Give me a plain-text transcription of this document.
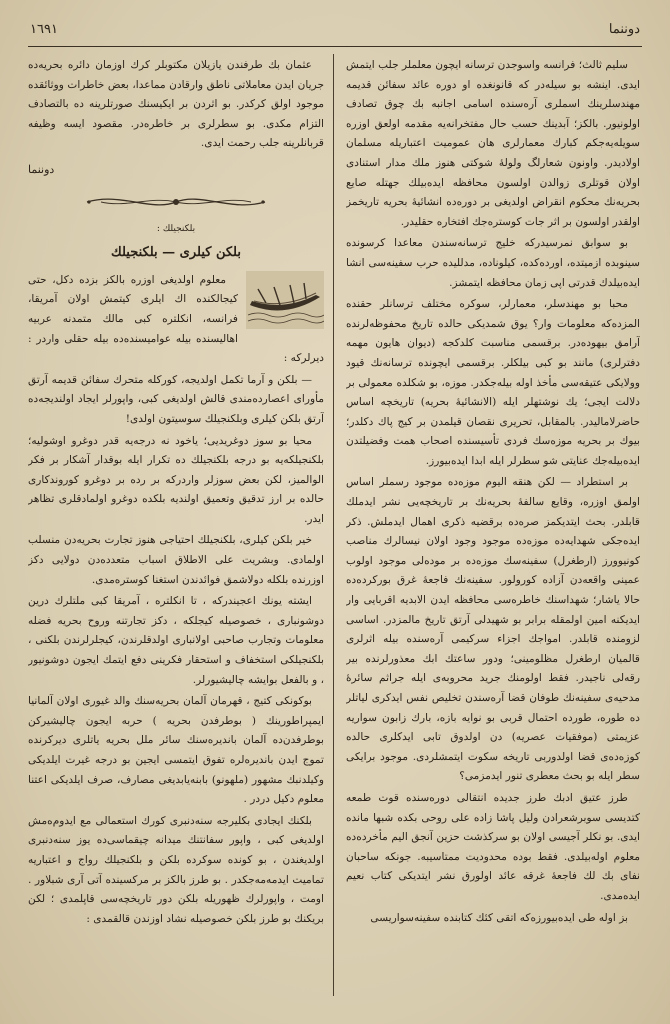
١٦٩١	دوننما

سلیم ثالث؛ فرانسه واسوجدن ترسانه ایچون معلملر جلب ایتمش ایدی. اینشه بو سیله‌در که قانونغده او دوره عائد سفائن قدیمه مهندسلرینك اسملری آره‌سنده اسامی اجانبه بك چوق تصادف اولونیور. بالکز؛ آبدینك حسب حال مفتخرانه‌یه مقدمه اولعق اوزره سویله‌یه‌جکم کبارك معمارلری هان عموميت اعتباریله مسلمان اولادیدر. واونون شعارلگ ولولهٔ شوکتی هنوز ملك مدار استنادی اولان قوتلری زوالدن اولسون محافظه ایده‌بیلك جهتله صایع بحریه‌نك محکوم انقراض اولدیغی بر دوره‌ده انشائیهٔ بحریه تاریخمز اولقدر اولسون بر اثر جات کوستره‌جك افتخاره حقلیدر.

بو سوابق نمرسیدرکه خلیج ترسانه‌سندن معاعدا کرسونده سینوبده ازمیتده، اورده‌کده، کیلوناده، مدللیده حرب سفینه‌سی انشا ایده‌بیلدك قدرتی اپی زمان محافظه ایتمشز.

محبا بو مهندسلر، معمارلر، سوکره مختلف ترسانلر حقنده المزده‌که معلومات وار؟ یوق شمدیکی حالده تاریخ محفوظه‌لرنده آرامق بیهوده‌در. برقسمی مناسبت کلدکجه (دیوان هایون مهمه دفترلری) مانند بو کبی بیلکلر. برقسمی ایچونده ترسانه‌نك قیود وولایکی عتیقه‌سی مأخذ اوله بیله‌جکدر. موزه، بو شکلده معمولی بر دلالت ایجی؛ یك نوشتهلر ایله (الانشائیهٔ بحریه) تاریخچه اساس حاضرلامالیدر. بالمقابل، تحریری نقصان قیلمدن بر کیج پاك دکلدر؛ بیوك بر بحریه موزه‌سك فردی تأسیسنده اصحاب همت وفضیلتدن ایده‌بیله‌جك عنایتی شو سطرلر ایله ابدا ایده‌بیورز.

بر استطراد — لکن هنقه الیوم موزه‌ده موجود رسملر اساس اولمق اوزره، وقایع سالفهٔ بحریه‌نك بر تاریخچه‌یی نشر ایدملك قابلدر. بحث ایتدیکمز صره‌ده برقضیه ذکری اهمال ایدملش. ذکر ایده‌جکی شهدایه‌ده موزه‌ده موجود وجود اولان نیسالرك مناصب کونیوورز (ارطغرل) سفینه‌سك موزه‌ده بر موده‌لی موجود اولوب عمینی واقعه‌دن آزاده کورولور. سفینه‌نك فاجعهٔ غرق بورکرده‌ده حالا یاشار؛ شهداسنك خاطره‌سی محافظه ایدن الابدیه اقربایی وار ایدیکنه امین اولمقله برابر بو شهیدلی آرتق تاریخ مالمزدر. اساسی لزومنده قابلدر. امواجك اجزاء سرکیمی آره‌سنده بیله اثرلری قالمیان ارطغرل مظلومینی؛ ودور ساعتك ابك معذورلرنده بیر رقه‌لی ناجیدر. فقط اولومنك جرید محروبه‌ی ایله جراثم سائرهٔ مدحیه‌ی سفینه‌نك طوفان قضا آره‌سندن تخلیص نفس ایدکری لیاتلر ده طوره، طورده احتمال قربی بو نوایه بازه، بارك زابون سواریه عزیمتی (موفقیات عصریه) دن اولدوق تابی ایدکلری حالده کوزه‌ده‌ی قضا اولدوربی تاریخه سکوت ایتمشلردی. موجود برایکی سطر ایله بو بحث معطری تنور ایدمزمی؟

طرز عتیق ادبك طرز جدیده انتقالی دوره‌سنده قوت طمعه کتدیسی سوبرشعرادن ولیل پاشا زاده علی روحی بکده شبها مانده ایدی. بو نکلر آجیسی اولان بو سرکذشت حزین آنجق الیم مأخرده‌ده معلوم اوله‌بیلدی. فقط بوده محدودیت ممتاسیبه. جونکه ساحبان نفای بك لك فاجعهٔ غرقه عائد اولورق نشر ایتدیکی کتاب نعیم ایده‌مدی.

بز اوله طی ایده‌بیورزه‌که اتقی کئك کتابنده سفینه‌سواریسی

عثمان بك طرفندن یازیلان مکتوبلر کرك اوزمان دائره بحریه‌ده جریان ایدن معاملاتی ناطق وارقادن مماعدا، بعض خاطرات ووثائقده موجود اولق کرکدر. بو اثردن بر ایکیسنك صورتلرینه ده بالتصادف التزام مکدی. بو سطرلری بر خاطره‌در. مقصود ایسه وظیفه قربانلرینه جلب رحمت ایدی.

دوننما
بلکنجیلك :
بلکن کیلری — بلکنجیلك

معلوم اولدیغی اوزره بالکز بزده دکل، حتی کیجالکنده اك ایلری کیتمش اولان آمریقا، فرانسه، انکلتره کبی مالك متمدنه عربیه اهالیسنده بیله عوامیسنده‌ده بیله حقلی واردر : دیرلرکه :

— بلکن و آرما تکمل اولدیجه، کورکله متحرك سفائن قدیمه آرتق مأورای اعصارده‌مندی قالش اولدیغی کبی، واپورلر ایجاد اولندیجه‌ده آرتق بلکن کیلری وبلکنجیلك سوسیتون اولدی!

محیا بو سوز دوغریدیی؛ یاخود نه درجه‌یه قدر دوغرو اوشولیه؛ بلکنجیلکه‌یه بو درجه بلکنجیلك ده تکرار ایله بوقدار آشکار بر فکر الوالمیز، لکن بعض سوزلر واردرکه بر رده بر دوغرو کوروندکاری حالده بر ارز تدقیق وتعمیق اولندیه بلکده دوغرو اولمادقلری تظاهر ایدر.

خیر بلکن کیلری، بلکنجیلك احتیاجی هنوز تجارت بحریه‌دن منسلب اولمادی. وبشریت علی الاطلاق اسباب متعدده‌دن دولایی دکز اوزرنده بلکله دولاشمق فوائدندن استغنا کوستره‌مدی.

ایشته یونك اعجیندرکه ، تا انکلتره ، آمریقا کبی ملتلرك درین دوشونباری ، خصوصیله کیجلکه ، دکز تجارتنه وروح بحریه فضله معلومات وتجارب صاحبی اولانباری اولدقلرندن، کیجلرلرندن بلکنی ، بلکنجیلکی استخفاف و استحقار فکرینی دفع ایتمك ایجون دوشونیور ، و بالفعل بوایشه چالیشیورلر.

بوکونکی کتیج ، قهرمان آلمان بحریه‌سنك والد غیوری اولان آلمانیا ایمپراطورینك ( بوطرفدن بحریه ) حربه ایجون چالیشیرکن بوطرفدن‌ده آلمان باندیره‌سنك سائر ملل بحریه یاتلری دیرکرنده تموج ایدن باندیره‌لره تفوق ایتمسی ایجین بو درجه غیرت ایلدیکی وکیلدنبك مشهور (ملهونو) بابنه‌یابدیغی مصارف، صرف ایلدیکی اعتنا معلوم دکیل دردر .

بلکنك ایجادی بکلیرجه سنه‌دنبری کورك استعمالی مع ایدوم‌ه‌مش اولدیغی کبی ، واپور سفانتنك میدانه چیقماسی‌ده یوز سنه‌دنبری اولدیغندن ، بو کونده سوکرده بلکن و بلکنجیلك رواج و اعتباریه تمامیت ایدمه‌مه‌جکدر . بو طرز بالکز بر مرکسینده آتی آری شبلاور . اومت ، واپورلرك ظهوریله بلکن دور تاریخچه‌سی قاپلمدی ؛ لکن بریکنك بو طرز بلکن خصوصیله نشاد اوزندن قالقمدی :
